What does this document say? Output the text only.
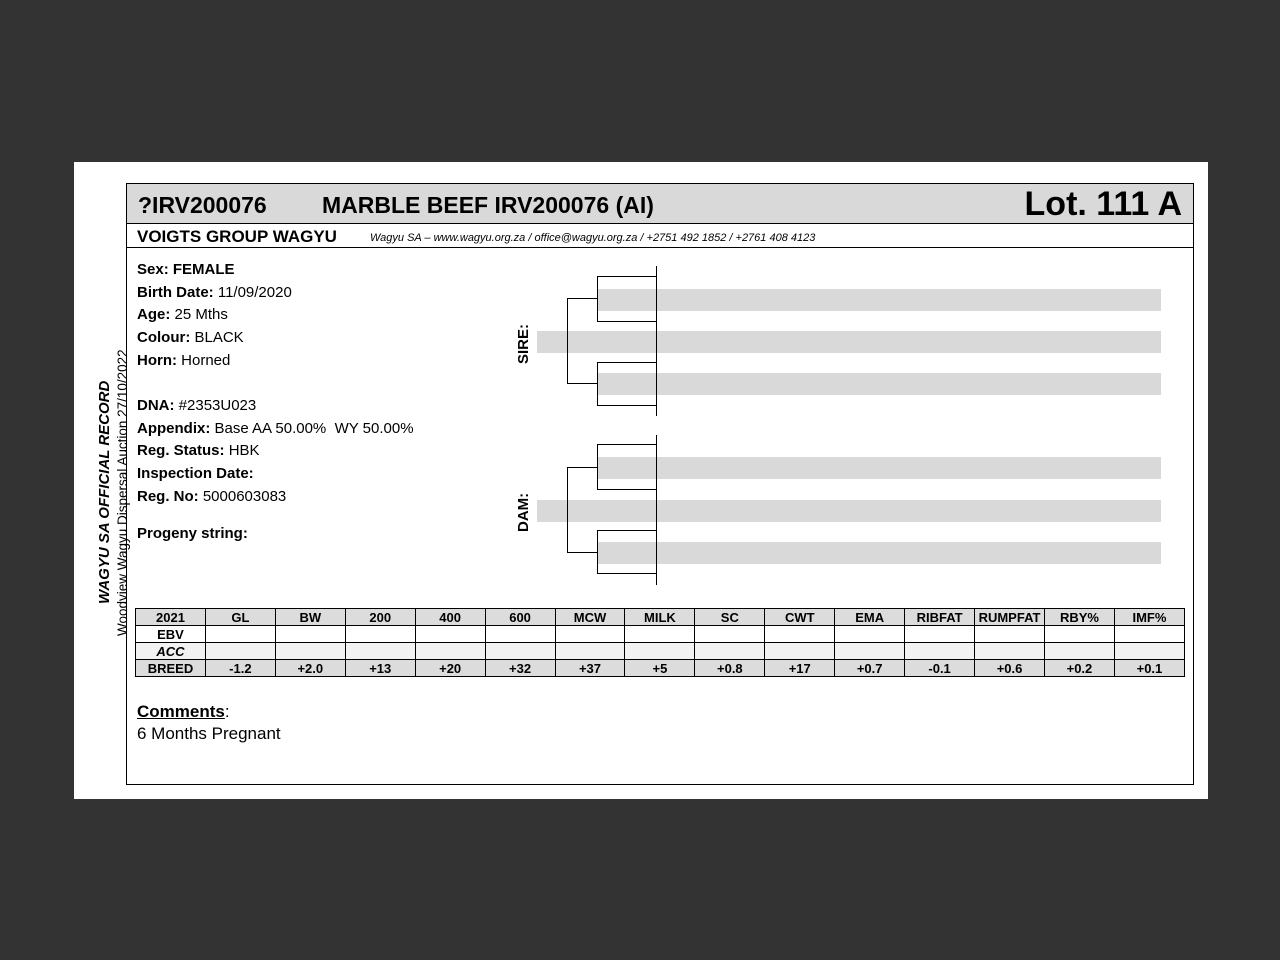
WAGYU SA OFFICIAL RECORD Woodview Wagyu Dispersal Auction 27/10/2022
?IRV200076 MARBLE BEEF IRV200076 (AI)	Lot. 111 A
VOIGTS GROUP WAGYU	Wagyu SA – www.wagyu.org.za / office@wagyu.org.za / +2751 492 1852 / +2761 408 4123
Sex: FEMALE
Birth Date: 11/09/2020
Age: 25 Mths
Colour: BLACK
Horn: Horned
DNA: #2353U023
Appendix: Base AA 50.00%  WY 50.00%
Reg. Status: HBK
Inspection Date:
Reg. No: 5000603083
Progeny string:
SIRE:
DAM:
2021	GL	BW	200	400	600	MCW	MILK	SC	CWT	EMA	RIBFAT	RUMPFAT	RBY%	IMF%
EBV														
ACC														
BREED	-1.2	+2.0	+13	+20	+32	+37	+5	+0.8	+17	+0.7	-0.1	+0.6	+0.2	+0.1
Comments:
6 Months Pregnant
